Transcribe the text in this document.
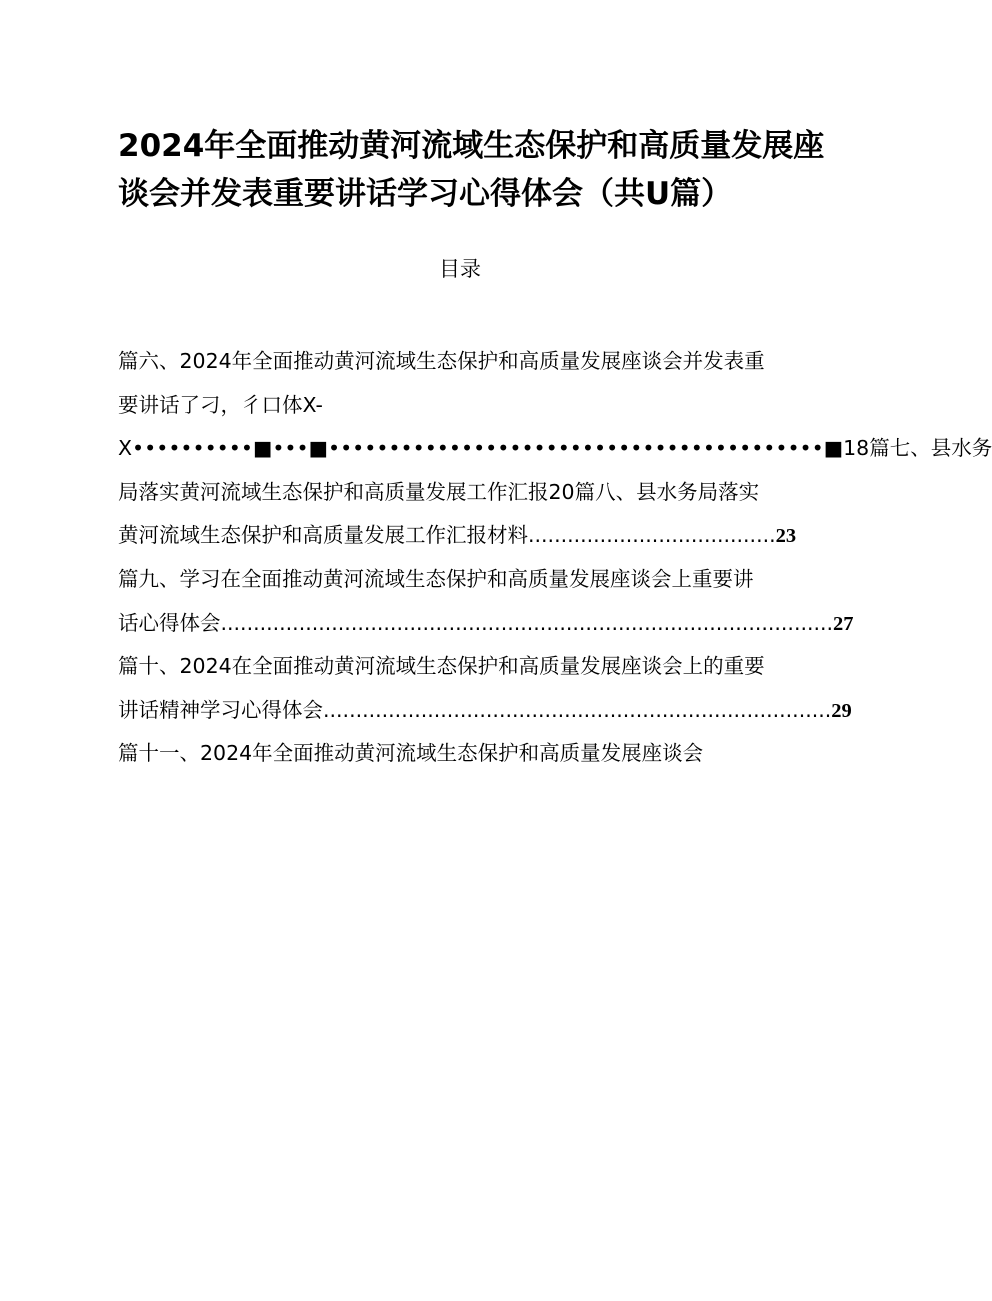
2024年全面推动黄河流域生态保护和高质量发展座
谈会并发表重要讲话学习心得体会（共U篇）
目录
篇六、2024年全面推动黄河流域生态保护和高质量发展座谈会并发表重
要讲话了刁，彳口体X-
X••••••••••■•••■•••••••••••••••••••••••••••••••••••••••••■18篇七、县水务
局落实黄河流域生态保护和高质量发展工作汇报20篇八、县水务局落实
黄河流域生态保护和高质量发展工作汇报材料......................................23
篇九、学习在全面推动黄河流域生态保护和高质量发展座谈会上重要讲
话心得体会..............................................................................................27
篇十、2024在全面推动黄河流域生态保护和高质量发展座谈会上的重要
讲话精神学习心得体会..............................................................................29
篇十一、2024年全面推动黄河流域生态保护和高质量发展座谈会
